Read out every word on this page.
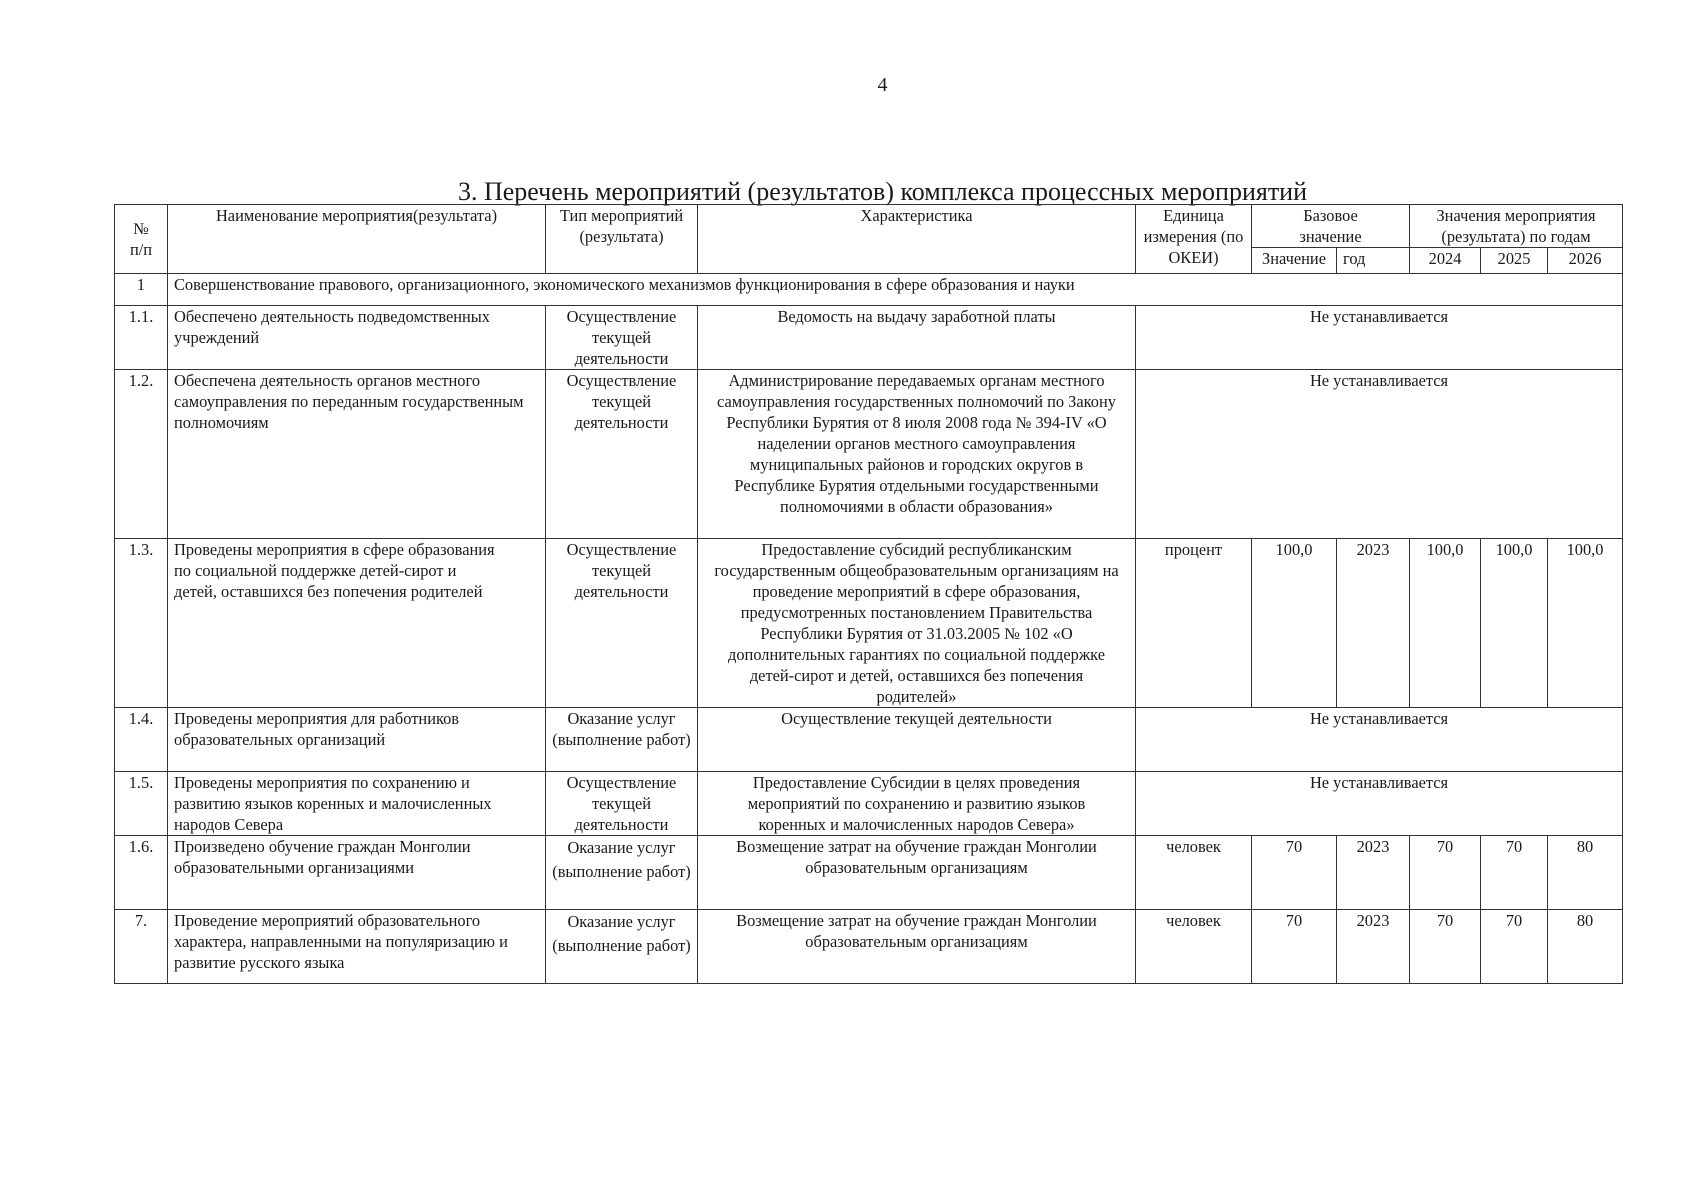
4
3. Перечень мероприятий (результатов) комплекса процессных мероприятий
№ п/п	Наименование мероприятия(результата)	Тип мероприятий (результата)	Характеристика	Единица измерения (по ОКЕИ)	Базовое значение		Значения мероприятия (результата) по годам		
					Значение	год	2024	2025	2026
1	Совершенствование правового, организационного, экономического механизмов функционирования в сфере образования и науки								
1.1.	Обеспечено деятельность подведомственных учреждений	Осуществление текущей деятельности	Ведомость на выдачу заработной платы	Не устанавливается					
1.2.	Обеспечена деятельность органов местного самоуправления по переданным государственным полномочиям	Осуществление текущей деятельности	Администрирование передаваемых органам местного самоуправления государственных полномочий по Закону Республики Бурятия от 8 июля 2008 года № 394-IV «О наделении органов местного самоуправления муниципальных районов и городских округов в Республике Бурятия отдельными государственными полномочиями в области образования»	Не устанавливается					
1.3.	Проведены мероприятия в сфере образования по социальной поддержке детей-сирот и детей, оставшихся без попечения родителей	Осуществление текущей деятельности	Предоставление субсидий республиканским государственным общеобразовательным организациям на проведение мероприятий в сфере образования, предусмотренных постановлением Правительства Республики Бурятия от 31.03.2005 № 102 «О дополнительных гарантиях по социальной поддержке детей-сирот и детей, оставшихся без попечения родителей»	процент	100,0	2023	100,0	100,0	100,0
1.4.	Проведены мероприятия для работников образовательных организаций	Оказание услуг (выполнение работ)	Осуществление текущей деятельности	Не устанавливается					
1.5.	Проведены мероприятия по сохранению и развитию языков коренных и малочисленных народов Севера	Осуществление текущей деятельности	Предоставление Субсидии в целях проведения мероприятий по сохранению и развитию языков коренных и малочисленных народов Севера»	Не устанавливается					
1.6.	Произведено обучение граждан Монголии образовательными организациями	Оказание услуг (выполнение работ)	Возмещение затрат на обучение граждан Монголии образовательным организациям	человек	70	2023	70	70	80
7.	Проведение мероприятий образовательного характера, направленными на популяризацию и развитие русского языка	Оказание услуг (выполнение работ)	Возмещение затрат на обучение граждан Монголии образовательным организациям	человек	70	2023	70	70	80
